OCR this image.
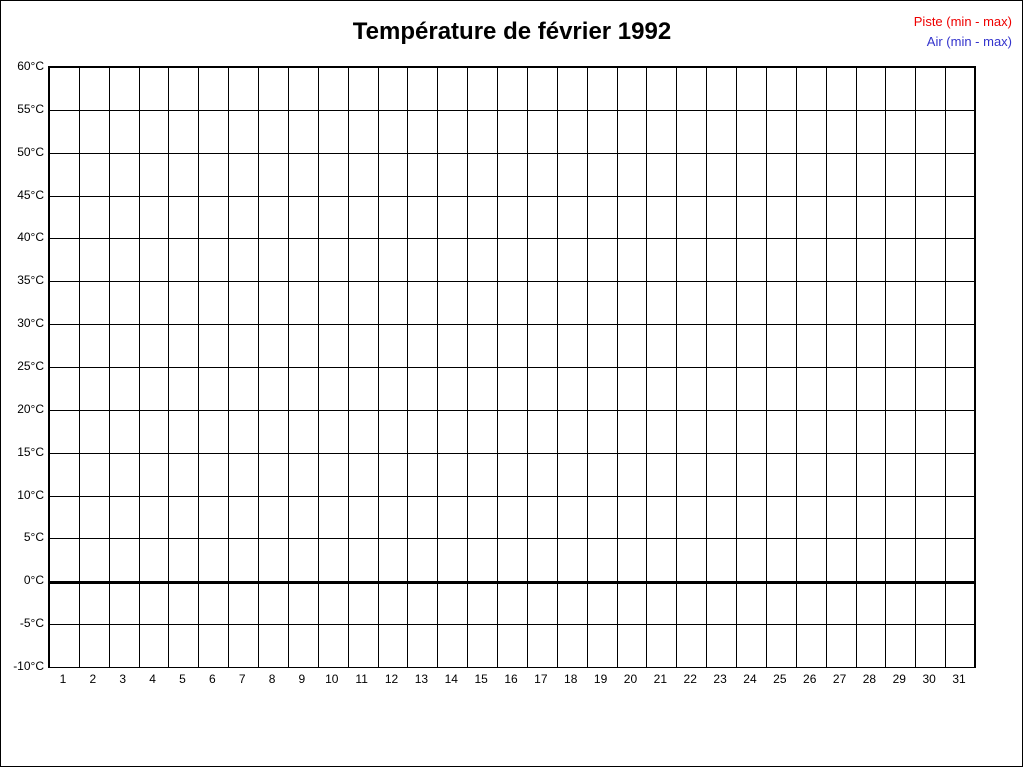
Température de février 1992	Piste (min - max)
Air (min - max)
60°C
55°C
50°C
45°C
40°C
35°C
30°C
25°C
20°C
15°C
10°C
5°C
0°C
-5°C
-10°C
1 2 3 4 5 6 7 8 9 10 11 12 13 14 15 16 17 18 19 20 21 22 23 24 25 26 27 28 29 30 31
